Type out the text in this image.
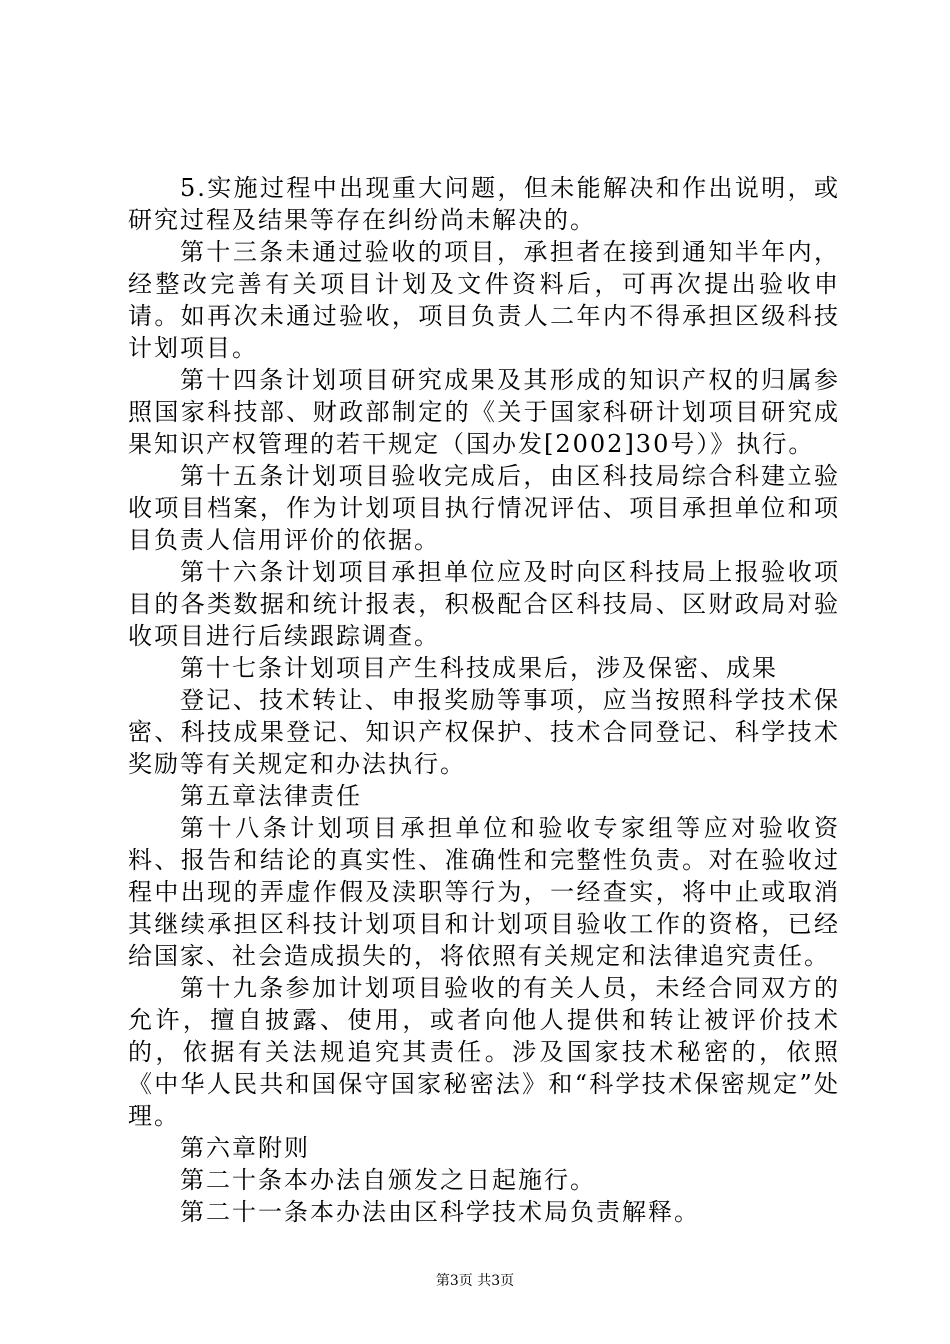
5.实施过程中出现重大问题，但未能解决和作出说明，或研究过程及结果等存在纠纷尚未解决的。

第十三条未通过验收的项目，承担者在接到通知半年内，经整改完善有关项目计划及文件资料后，可再次提出验收申请。如再次未通过验收，项目负责人二年内不得承担区级科技计划项目。

第十四条计划项目研究成果及其形成的知识产权的归属参照国家科技部、财政部制定的《关于国家科研计划项目研究成果知识产权管理的若干规定（国办发[2002]30号）》执行。

第十五条计划项目验收完成后，由区科技局综合科建立验收项目档案，作为计划项目执行情况评估、项目承担单位和项目负责人信用评价的依据。

第十六条计划项目承担单位应及时向区科技局上报验收项目的各类数据和统计报表，积极配合区科技局、区财政局对验收项目进行后续跟踪调查。

第十七条计划项目产生科技成果后，涉及保密、成果

登记、技术转让、申报奖励等事项，应当按照科学技术保密、科技成果登记、知识产权保护、技术合同登记、科学技术奖励等有关规定和办法执行。

第五章法律责任

第十八条计划项目承担单位和验收专家组等应对验收资料、报告和结论的真实性、准确性和完整性负责。对在验收过程中出现的弄虚作假及渎职等行为，一经查实，将中止或取消其继续承担区科技计划项目和计划项目验收工作的资格，已经给国家、社会造成损失的，将依照有关规定和法律追究责任。

第十九条参加计划项目验收的有关人员，未经合同双方的允许，擅自披露、使用，或者向他人提供和转让被评价技术的，依据有关法规追究其责任。涉及国家技术秘密的，依照《中华人民共和国保守国家秘密法》和“科学技术保密规定”处理。

第六章附则

第二十条本办法自颁发之日起施行。

第二十一条本办法由区科学技术局负责解释。

第3页 共3页
